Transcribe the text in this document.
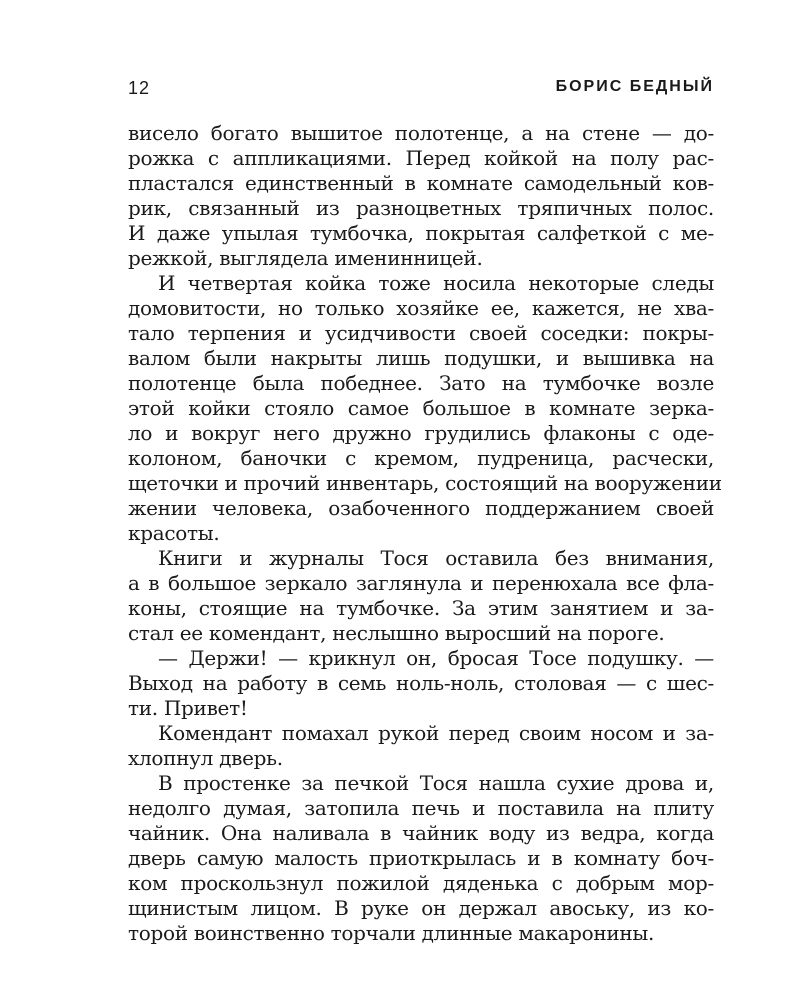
12	БОРИС БЕДНЫЙ
висело богато вышитое полотенце, а на стене — до-
рожка с аппликациями. Перед койкой на полу рас-
пластался единственный в комнате самодельный ков-
рик, связанный из разноцветных тряпичных полос.
И даже упылая тумбочка, покрытая салфеткой с ме-
режкой, выглядела именинницей.
И четвертая койка тоже носила некоторые следы
домовитости, но только хозяйке ее, кажется, не хва-
тало терпения и усидчивости своей соседки: покры-
валом были накрыты лишь подушки, и вышивка на
полотенце была победнее. Зато на тумбочке возле
этой койки стояло самое большое в комнате зерка-
ло и вокруг него дружно грудились флаконы с оде-
колоном, баночки с кремом, пудреница, расчески,
щеточки и прочий инвентарь, состоящий на вооружении
жении человека, озабоченного поддержанием своей
красоты.
Книги и журналы Тося оставила без внимания,
а в большое зеркало заглянула и перенюхала все фла-
коны, стоящие на тумбочке. За этим занятием и за-
стал ее комендант, неслышно выросший на пороге.
— Держи! — крикнул он, бросая Тосе подушку. —
Выход на работу в семь ноль-ноль, столовая — с шес-
ти. Привет!
Комендант помахал рукой перед своим носом и за-
хлопнул дверь.
В простенке за печкой Тося нашла сухие дрова и,
недолго думая, затопила печь и поставила на плиту
чайник. Она наливала в чайник воду из ведра, когда
дверь самую малость приоткрылась и в комнату боч-
ком проскользнул пожилой дяденька с добрым мор-
щинистым лицом. В руке он держал авоську, из ко-
торой воинственно торчали длинные макаронины.
